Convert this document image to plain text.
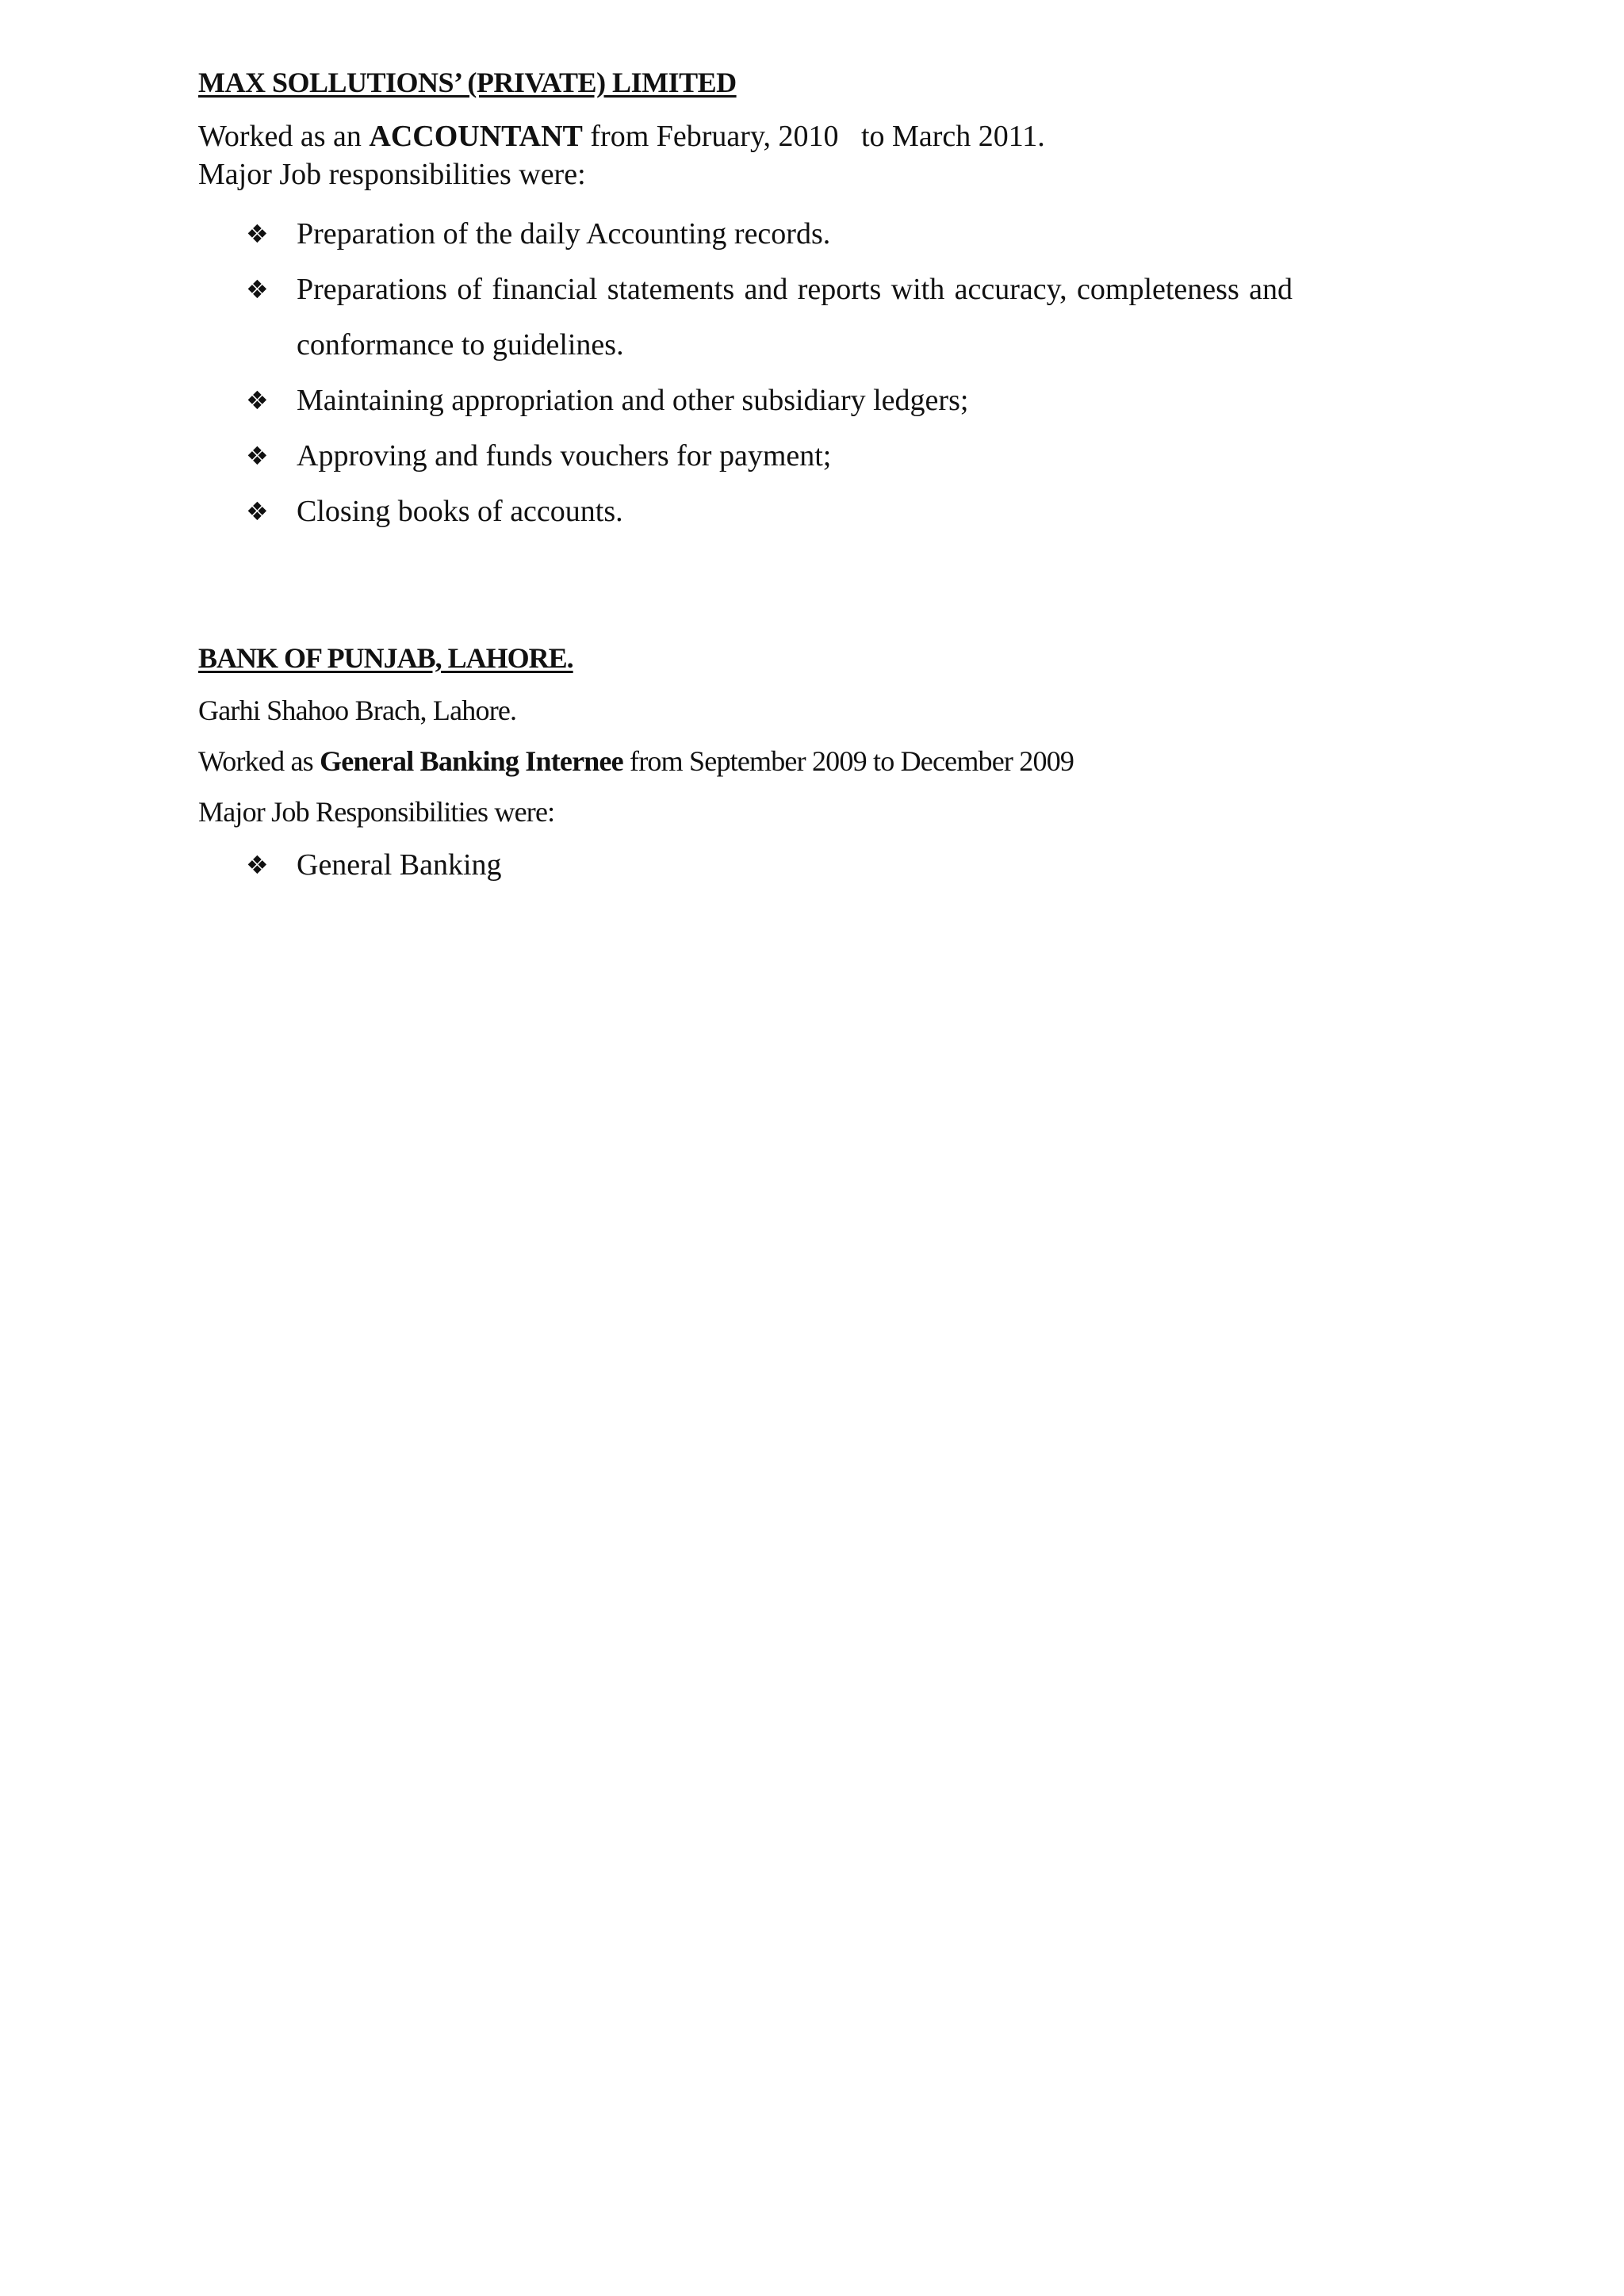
MAX SOLLUTIONS’ (PRIVATE) LIMITED

Worked as an ACCOUNTANT from February, 2010   to March 2011.

Major Job responsibilities were:

❖ Preparation of the daily Accounting records.
❖ Preparations of financial statements and reports with accuracy, completeness and conformance to guidelines.
❖ Maintaining appropriation and other subsidiary ledgers;
❖ Approving and funds vouchers for payment;
❖ Closing books of accounts.

BANK OF PUNJAB, LAHORE.

Garhi Shahoo Brach, Lahore.

Worked as General Banking Internee from September 2009 to December 2009

Major Job Responsibilities were:

❖ General Banking
